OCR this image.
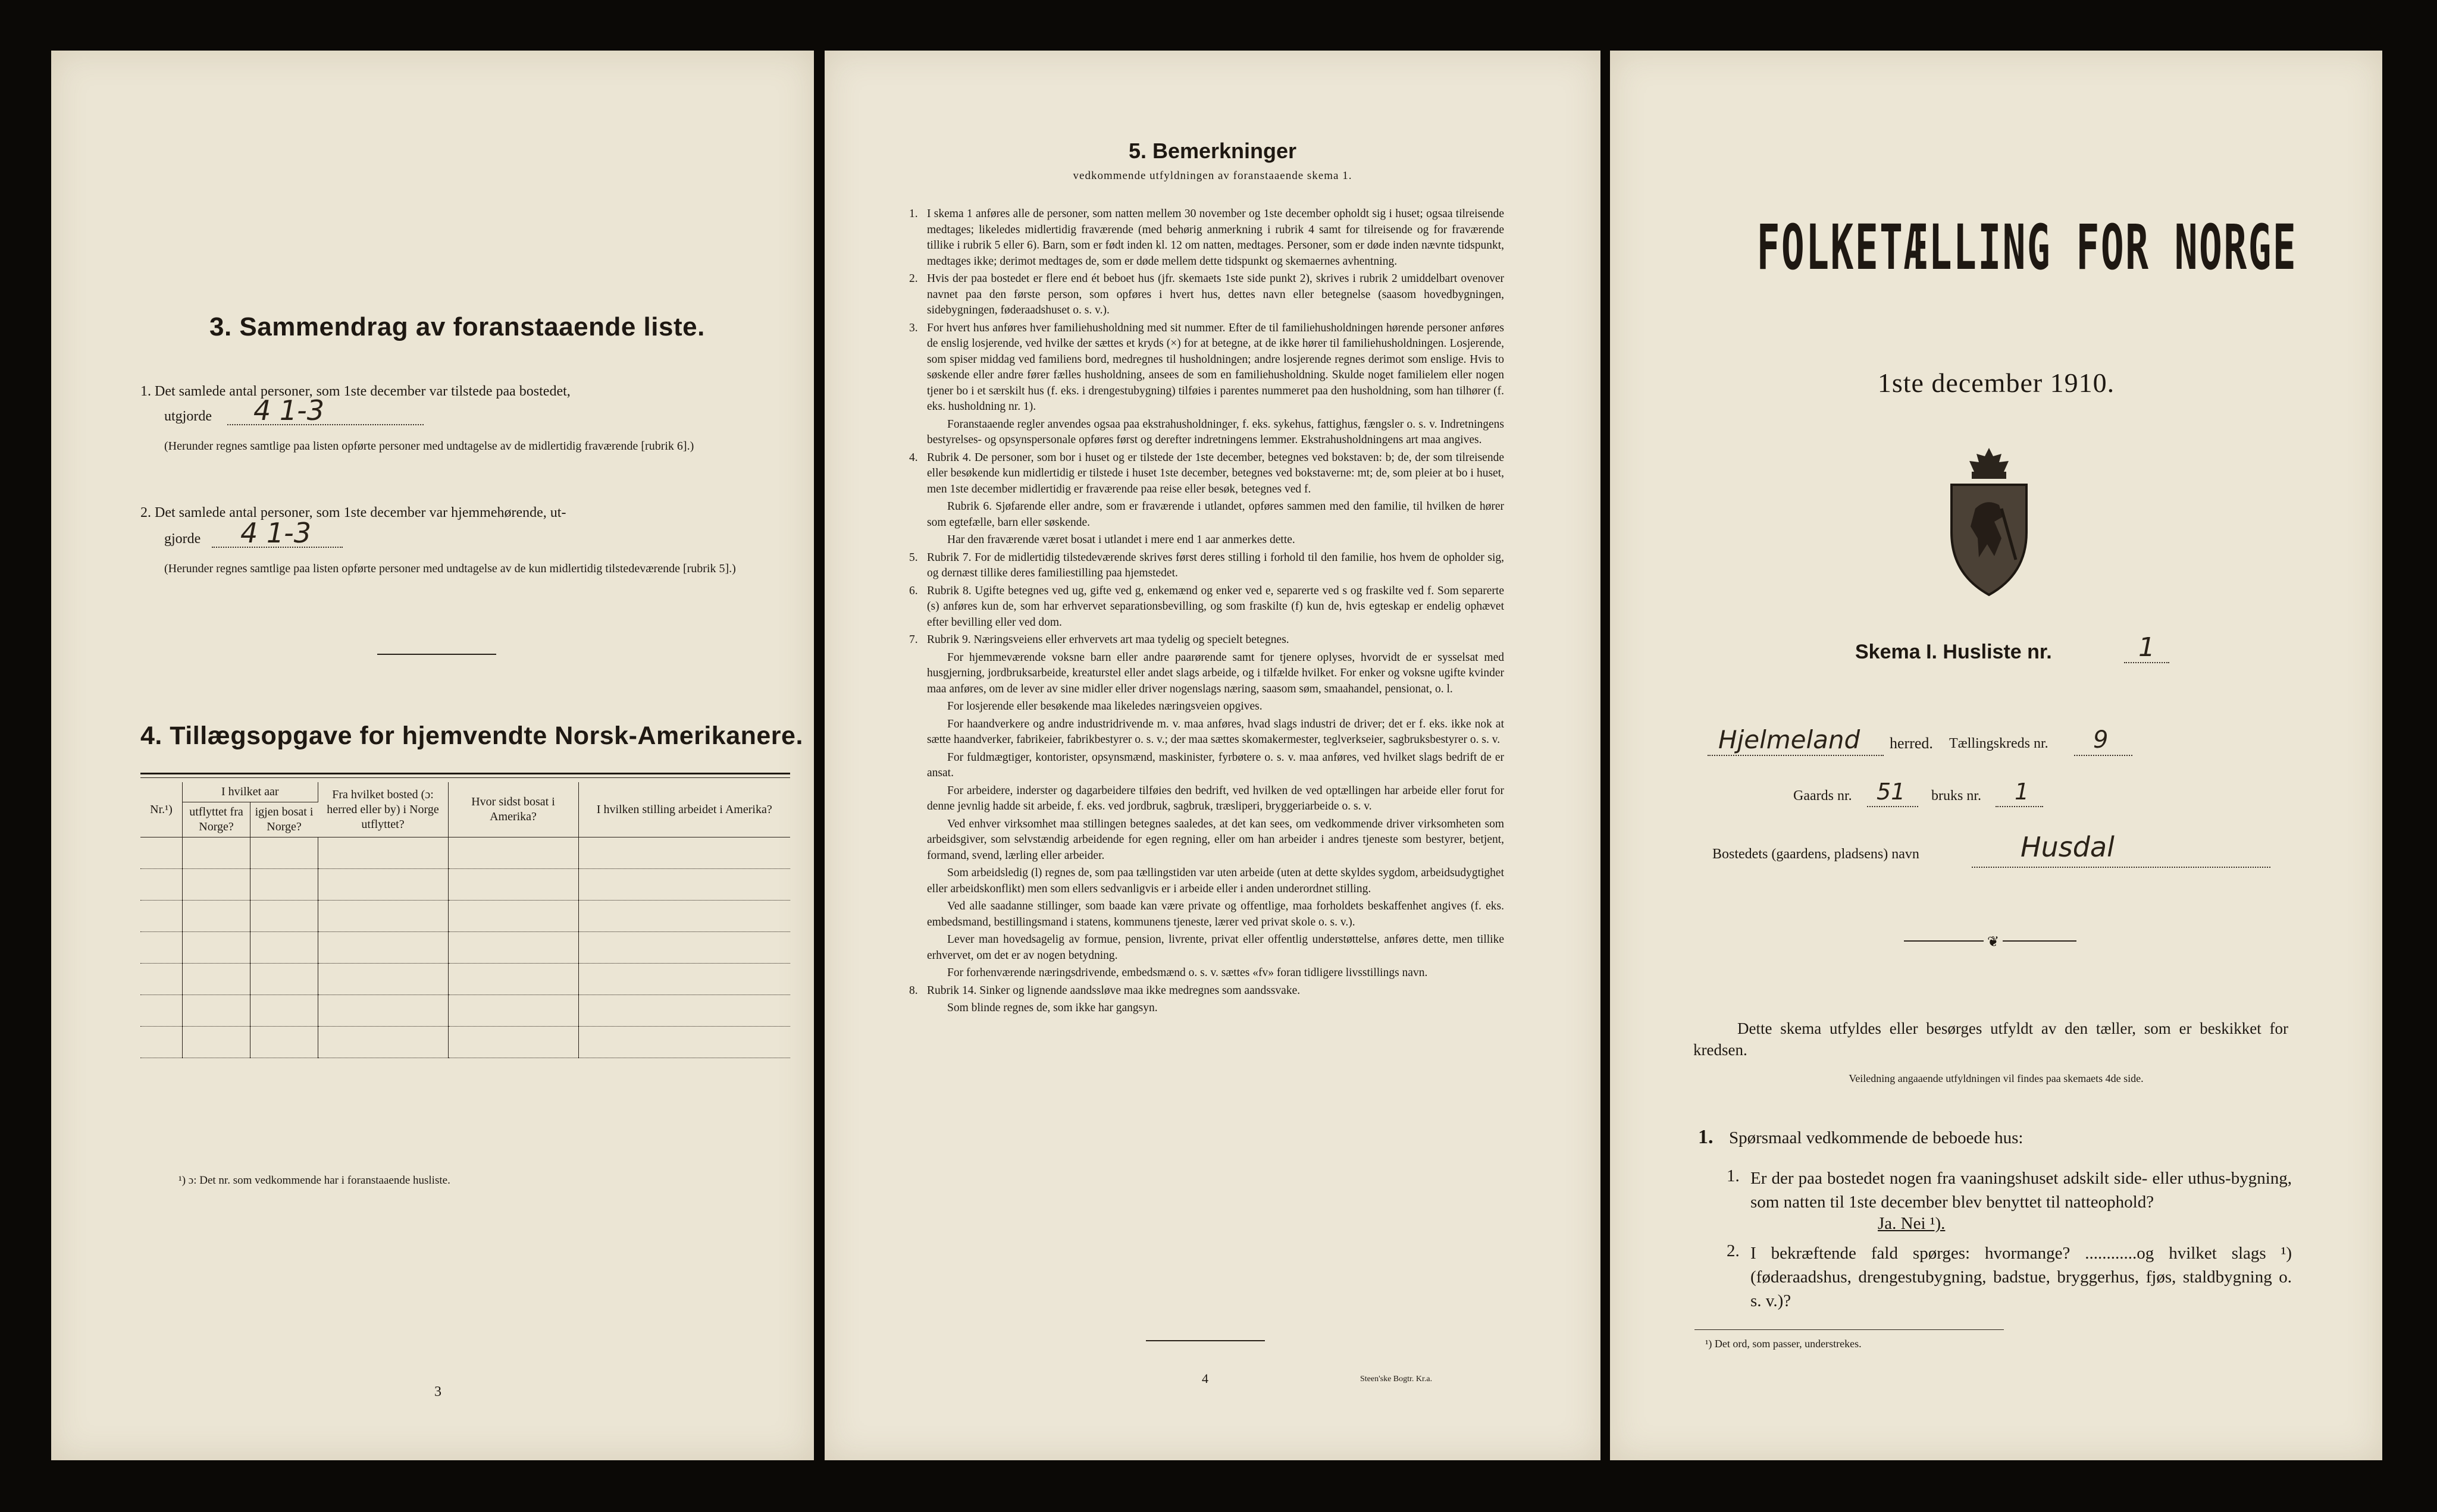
3. Sammendrag av foranstaaende liste.
1. Det samlede antal personer, som 1ste december var tilstede paa bostedet,
utgjorde 4 1-3
(Herunder regnes samtlige paa listen opførte personer med undtagelse av de midlertidig fraværende [rubrik 6].)
2. Det samlede antal personer, som 1ste december var hjemmehørende, ut-
gjorde 4 1-3
(Herunder regnes samtlige paa listen opførte personer med undtagelse av de kun midlertidig tilstedeværende [rubrik 5].)
4. Tillægsopgave for hjemvendte Norsk-Amerikanere.
Nr.¹)	I hvilket aar		Fra hvilket bosted (ɔ: herred eller by) i Norge utflyttet?	Hvor sidst bosat i Amerika?	I hvilken stilling arbeidet i Amerika?
	utflyttet fra Norge?	igjen bosat i Norge?			

¹) ɔ: Det nr. som vedkommende har i foranstaaende husliste.
3
5. Bemerkninger
vedkommende utfyldningen av foranstaaende skema 1.

1. I skema 1 anføres alle de personer, som natten mellem 30 november og 1ste december opholdt sig i huset; ogsaa tilreisende medtages; likeledes midlertidig fraværende (med behørig anmerkning i rubrik 4 samt for tilreisende og for fraværende tillike i rubrik 5 eller 6). Barn, som er født inden kl. 12 om natten, medtages. Personer, som er døde inden nævnte tidspunkt, medtages ikke; derimot medtages de, som er døde mellem dette tidspunkt og skemaernes avhentning.

2. Hvis der paa bostedet er flere end ét beboet hus (jfr. skemaets 1ste side punkt 2), skrives i rubrik 2 umiddelbart ovenover navnet paa den første person, som opføres i hvert hus, dettes navn eller betegnelse (saasom hovedbygningen, sidebygningen, føderaadshuset o. s. v.).

3. For hvert hus anføres hver familiehusholdning med sit nummer. Efter de til familiehusholdningen hørende personer anføres de enslig losjerende, ved hvilke der sættes et kryds (×) for at betegne, at de ikke hører til familiehusholdningen. Losjerende, som spiser middag ved familiens bord, medregnes til husholdningen; andre losjerende regnes derimot som enslige. Hvis to søskende eller andre fører fælles husholdning, ansees de som en familiehusholdning. Skulde noget familielem eller nogen tjener bo i et særskilt hus (f. eks. i drengestubygning) tilføies i parentes nummeret paa den husholdning, som han tilhører (f. eks. husholdning nr. 1).

Foranstaaende regler anvendes ogsaa paa ekstrahusholdninger, f. eks. sykehus, fattighus, fængsler o. s. v. Indretningens bestyrelses- og opsynspersonale opføres først og derefter indretningens lemmer. Ekstrahusholdningens art maa angives.

4. Rubrik 4. De personer, som bor i huset og er tilstede der 1ste december, betegnes ved bokstaven: b; de, der som tilreisende eller besøkende kun midlertidig er tilstede i huset 1ste december, betegnes ved bokstaverne: mt; de, som pleier at bo i huset, men 1ste december midlertidig er fraværende paa reise eller besøk, betegnes ved f.

Rubrik 6. Sjøfarende eller andre, som er fraværende i utlandet, opføres sammen med den familie, til hvilken de hører som egtefælle, barn eller søskende.

Har den fraværende været bosat i utlandet i mere end 1 aar anmerkes dette.

5. Rubrik 7. For de midlertidig tilstedeværende skrives først deres stilling i forhold til den familie, hos hvem de opholder sig, og dernæst tillike deres familiestilling paa hjemstedet.

6. Rubrik 8. Ugifte betegnes ved ug, gifte ved g, enkemænd og enker ved e, separerte ved s og fraskilte ved f. Som separerte (s) anføres kun de, som har erhvervet separationsbevilling, og som fraskilte (f) kun de, hvis egteskap er endelig ophævet efter bevilling eller ved dom.

7. Rubrik 9. Næringsveiens eller erhvervets art maa tydelig og specielt betegnes.

For hjemmeværende voksne barn eller andre paarørende samt for tjenere oplyses, hvorvidt de er sysselsat med husgjerning, jordbruksarbeide, kreaturstel eller andet slags arbeide, og i tilfælde hvilket. For enker og voksne ugifte kvinder maa anføres, om de lever av sine midler eller driver nogenslags næring, saasom søm, smaahandel, pensionat, o. l.

For losjerende eller besøkende maa likeledes næringsveien opgives.

For haandverkere og andre industridrivende m. v. maa anføres, hvad slags industri de driver; det er f. eks. ikke nok at sætte haandverker, fabrikeier, fabrikbestyrer o. s. v.; der maa sættes skomakermester, teglverkseier, sagbruksbestyrer o. s. v.

For fuldmægtiger, kontorister, opsynsmænd, maskinister, fyrbøtere o. s. v. maa anføres, ved hvilket slags bedrift de er ansat.

For arbeidere, inderster og dagarbeidere tilføies den bedrift, ved hvilken de ved optællingen har arbeide eller forut for denne jevnlig hadde sit arbeide, f. eks. ved jordbruk, sagbruk, træsliperi, bryggeriarbeide o. s. v.

Ved enhver virksomhet maa stillingen betegnes saaledes, at det kan sees, om vedkommende driver virksomheten som arbeidsgiver, som selvstændig arbeidende for egen regning, eller om han arbeider i andres tjeneste som bestyrer, betjent, formand, svend, lærling eller arbeider.

Som arbeidsledig (l) regnes de, som paa tællingstiden var uten arbeide (uten at dette skyldes sygdom, arbeidsudygtighet eller arbeidskonflikt) men som ellers sedvanligvis er i arbeide eller i anden underordnet stilling.

Ved alle saadanne stillinger, som baade kan være private og offentlige, maa forholdets beskaffenhet angives (f. eks. embedsmand, bestillingsmand i statens, kommunens tjeneste, lærer ved privat skole o. s. v.).

Lever man hovedsagelig av formue, pension, livrente, privat eller offentlig understøttelse, anføres dette, men tillike erhvervet, om det er av nogen betydning.

For forhenværende næringsdrivende, embedsmænd o. s. v. sættes «fv» foran tidligere livsstillings navn.

8. Rubrik 14. Sinker og lignende aandssløve maa ikke medregnes som aandssvake.

Som blinde regnes de, som ikke har gangsyn.

4	Steen'ske Bogtr. Kr.a.
FOLKETÆLLING FOR NORGE
1ste december 1910.
Skema I. Husliste nr.	1
Hjelmeland herred. Tællingskreds nr. 9
Gaards nr. 51 bruks nr. 1
Bostedets (gaardens, pladsens) navn	Husdal
❦
Dette skema utfyldes eller besørges utfyldt av den tæller, som er beskikket for kredsen.
Veiledning angaaende utfyldningen vil findes paa skemaets 4de side.
1. Spørsmaal vedkommende de beboede hus:
1. Er der paa bostedet nogen fra vaaningshuset adskilt side- eller uthus-bygning, som natten til 1ste december blev benyttet til natteophold?
Ja. Nei ¹).
2. I bekræftende fald spørges: hvormange? ............og hvilket slags ¹) (føderaadshus, drengestubygning, badstue, bryggerhus, fjøs, staldbygning o. s. v.)?
¹) Det ord, som passer, understrekes.
